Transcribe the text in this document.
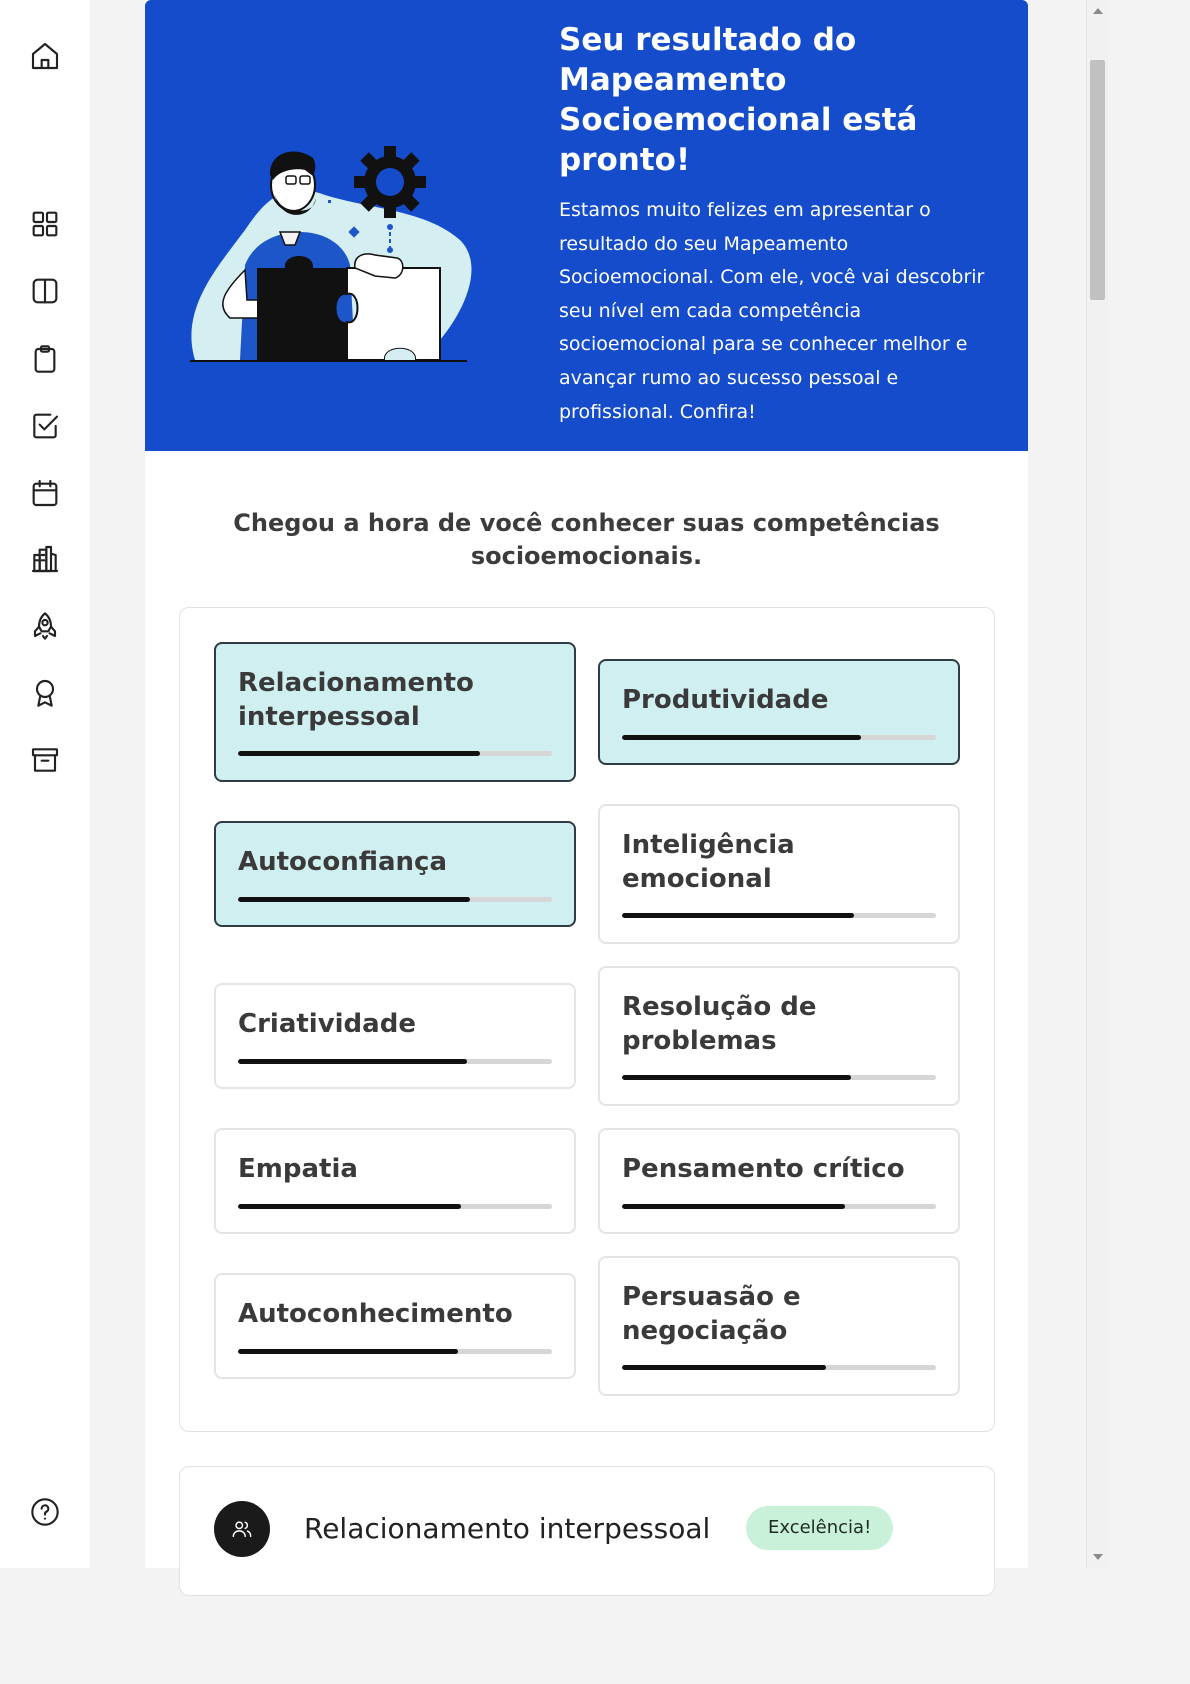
Seu resultado do Mapeamento Socioemocional está pronto!

Estamos muito felizes em apresentar o resultado do seu Mapeamento Socioemocional. Com ele, você vai descobrir seu nível em cada competência socioemocional para se conhecer melhor e avançar rumo ao sucesso pessoal e profissional. Confira!

Chegou a hora de você conhecer suas competências
socioemocionais.
Relacionamento interpessoal
Produtividade
Autoconfiança
Inteligência emocional
Criatividade
Resolução de problemas
Empatia	Pensamento crítico
Autoconhecimento
Persuasão e negociação
Relacionamento interpessoal	Excelência!
